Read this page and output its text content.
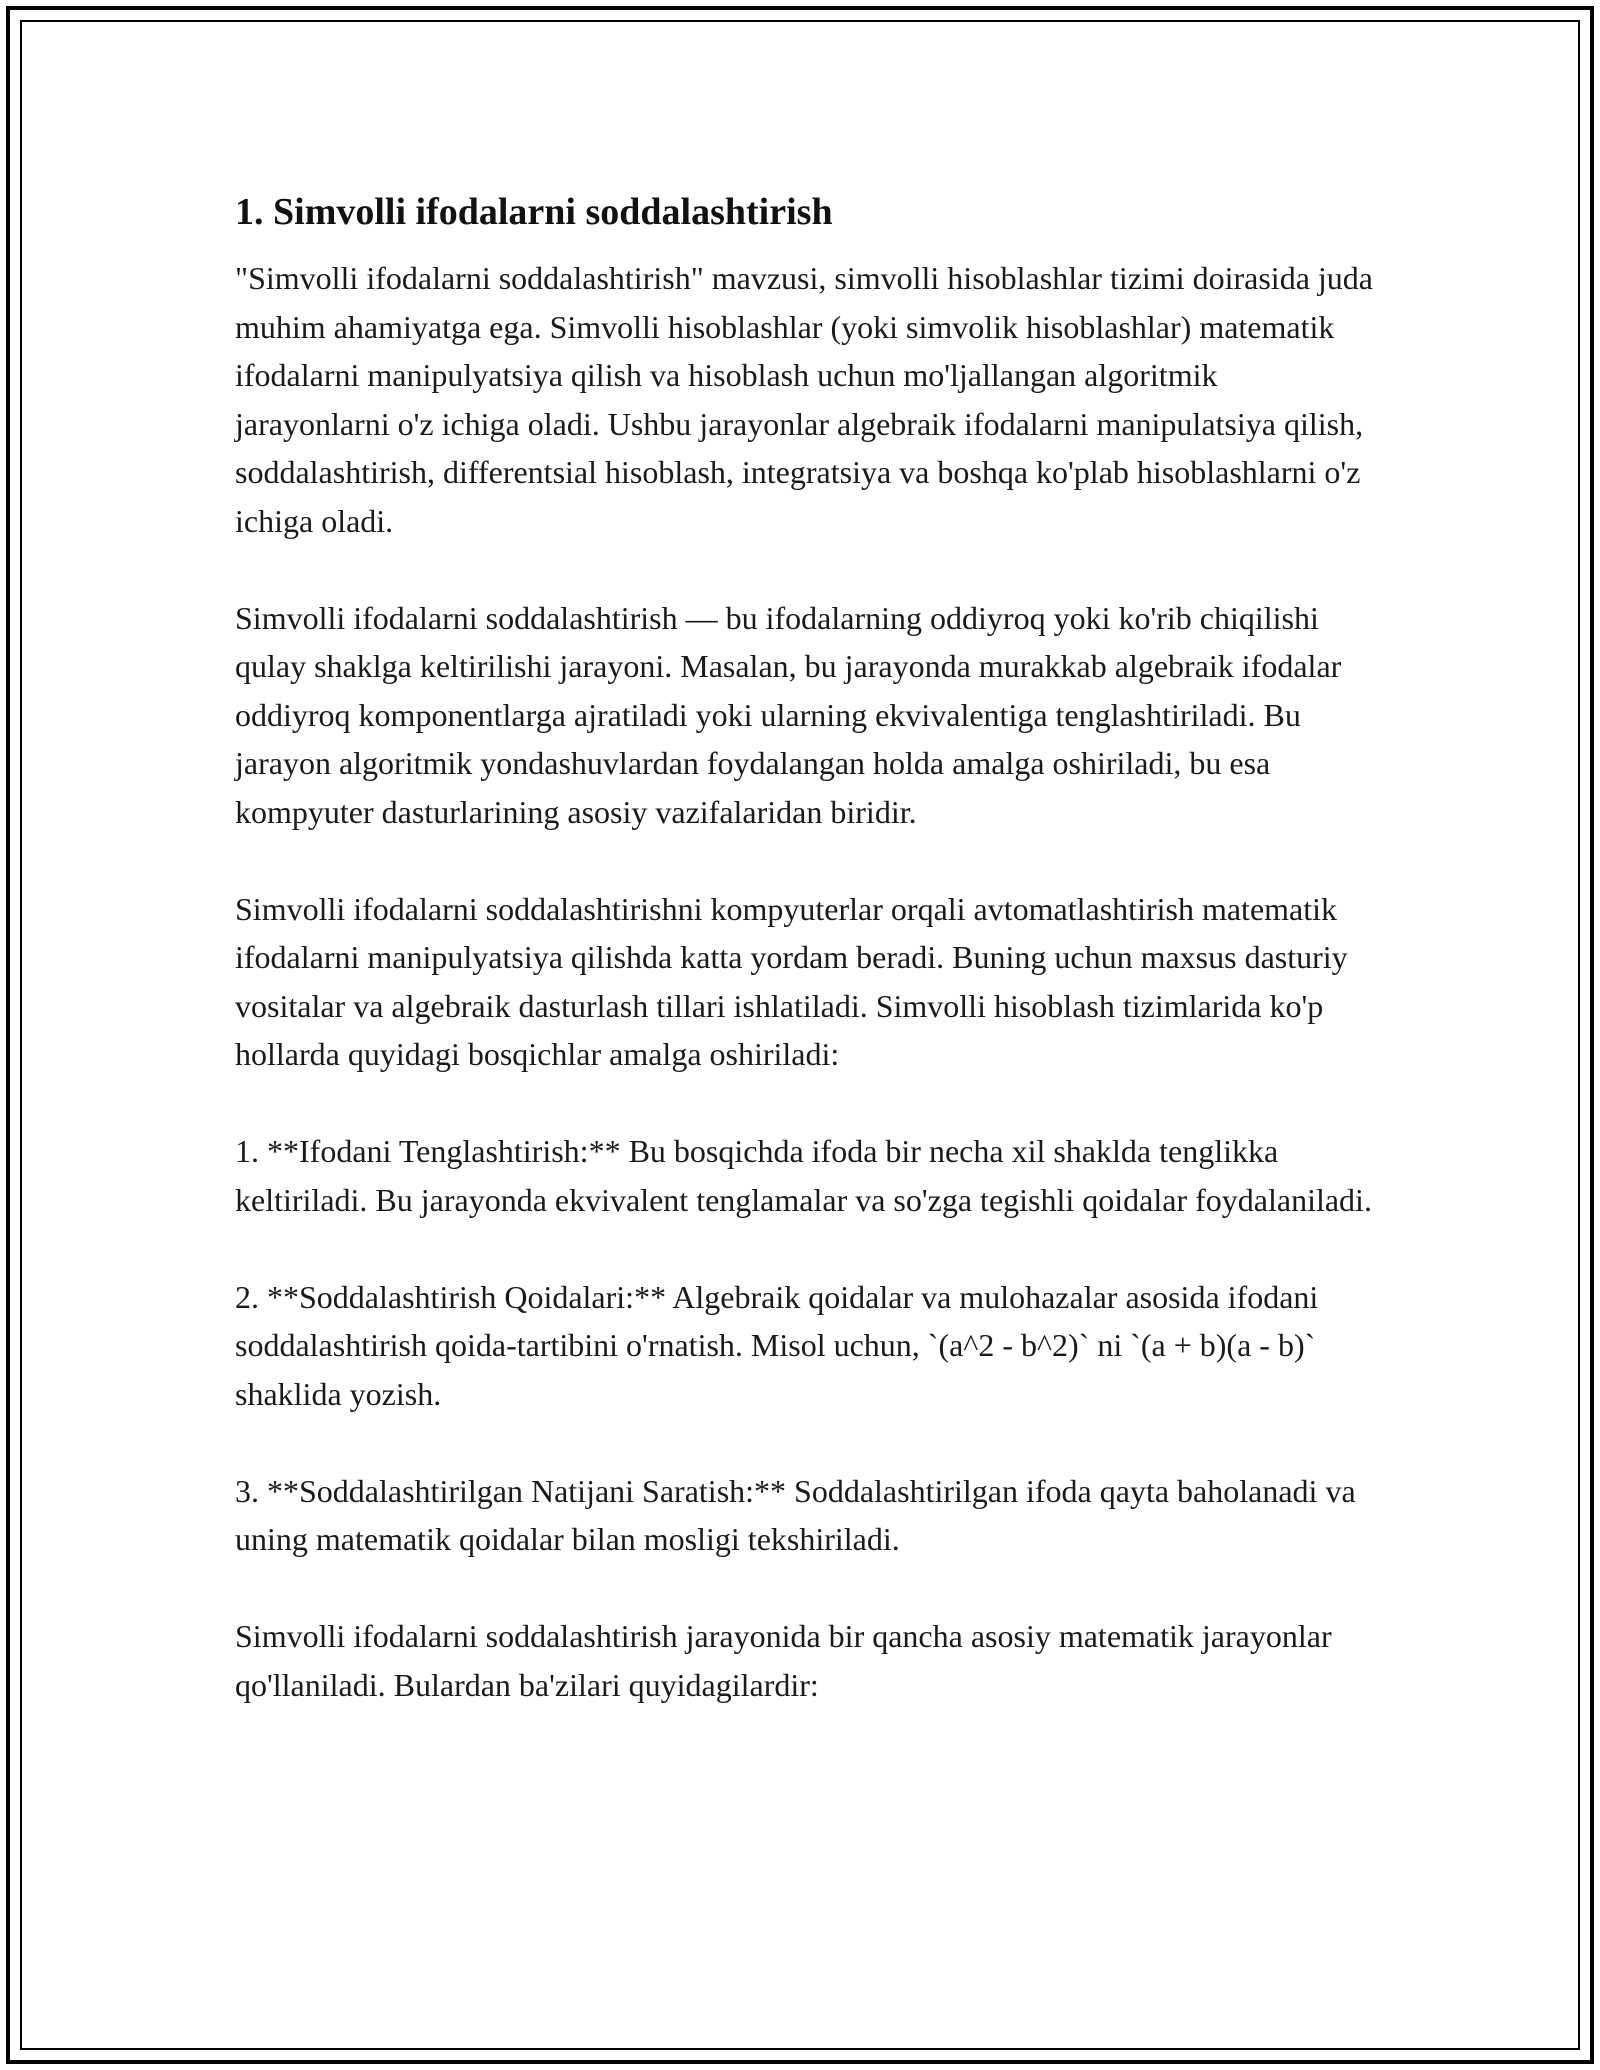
1. Simvolli ifodalarni soddalashtirish

"Simvolli ifodalarni soddalashtirish" mavzusi, simvolli hisoblashlar tizimi doirasida juda muhim ahamiyatga ega. Simvolli hisoblashlar (yoki simvolik hisoblashlar) matematik ifodalarni manipulyatsiya qilish va hisoblash uchun mo'ljallangan algoritmik jarayonlarni o'z ichiga oladi. Ushbu jarayonlar algebraik ifodalarni manipulatsiya qilish, soddalashtirish, differentsial hisoblash, integratsiya va boshqa ko'plab hisoblashlarni o'z ichiga oladi.

Simvolli ifodalarni soddalashtirish — bu ifodalarning oddiyroq yoki ko'rib chiqilishi qulay shaklga keltirilishi jarayoni. Masalan, bu jarayonda murakkab algebraik ifodalar oddiyroq komponentlarga ajratiladi yoki ularning ekvivalentiga tenglashtiriladi. Bu jarayon algoritmik yondashuvlardan foydalangan holda amalga oshiriladi, bu esa kompyuter dasturlarining asosiy vazifalaridan biridir.

Simvolli ifodalarni soddalashtirishni kompyuterlar orqali avtomatlashtirish matematik ifodalarni manipulyatsiya qilishda katta yordam beradi. Buning uchun maxsus dasturiy vositalar va algebraik dasturlash tillari ishlatiladi. Simvolli hisoblash tizimlarida ko'p hollarda quyidagi bosqichlar amalga oshiriladi:

1. **Ifodani Tenglashtirish:** Bu bosqichda ifoda bir necha xil shaklda tenglikka keltiriladi. Bu jarayonda ekvivalent tenglamalar va so'zga tegishli qoidalar foydalaniladi.

2. **Soddalashtirish Qoidalari:** Algebraik qoidalar va mulohazalar asosida ifodani soddalashtirish qoida-tartibini o'rnatish. Misol uchun, `(a^2 - b^2)` ni `(a + b)(a - b)` shaklida yozish.

3. **Soddalashtirilgan Natijani Saratish:** Soddalashtirilgan ifoda qayta baholanadi va uning matematik qoidalar bilan mosligi tekshiriladi.

Simvolli ifodalarni soddalashtirish jarayonida bir qancha asosiy matematik jarayonlar qo'llaniladi. Bulardan ba'zilari quyidagilardir:
